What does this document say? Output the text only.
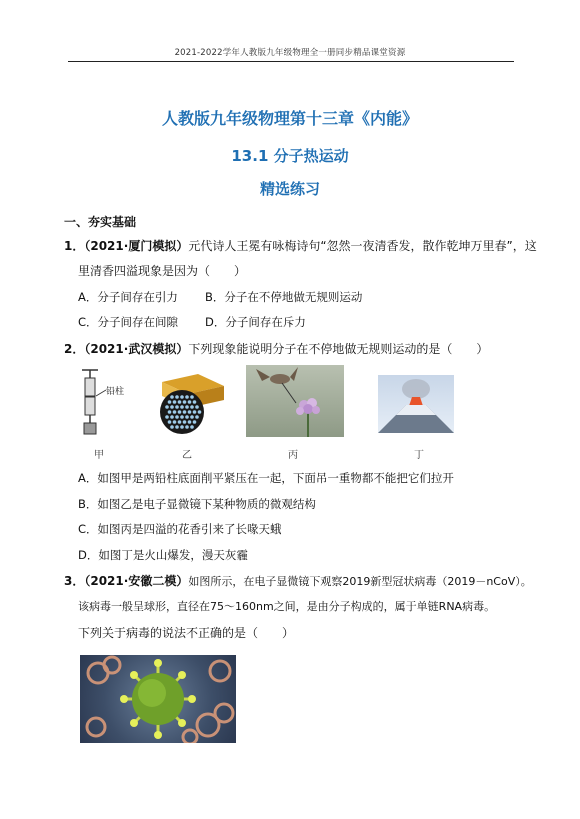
2021-2022学年人教版九年级物理全一册同步精品课堂资源
人教版九年级物理第十三章《内能》
13.1 分子热运动
精选练习
一、夯实基础
1．（2021·厦门模拟）元代诗人王冕有咏梅诗句“忽然一夜清香发，散作乾坤万里春”，这
里清香四溢现象是因为（　　）
A．分子间存在引力 B．分子在不停地做无规则运动
C．分子间存在间隙 D．分子间存在斥力
2．（2021·武汉模拟）下列现象能说明分子在不停地做无规则运动的是（　　）
铅柱
甲	乙	丙	丁
A．如图甲是两铅柱底面削平紧压在一起，下面吊一重物都不能把它们拉开
B．如图乙是电子显微镜下某种物质的微观结构
C．如图丙是四溢的花香引来了长喙天蛾
D．如图丁是火山爆发，漫天灰霾
3．（2021·安徽二模）如图所示，在电子显微镜下观察2019新型冠状病毒（2019－nCoV）。
该病毒一般呈球形，直径在75～160nm之间，是由分子构成的，属于单链RNA病毒。
下列关于病毒的说法不正确的是（　　）
